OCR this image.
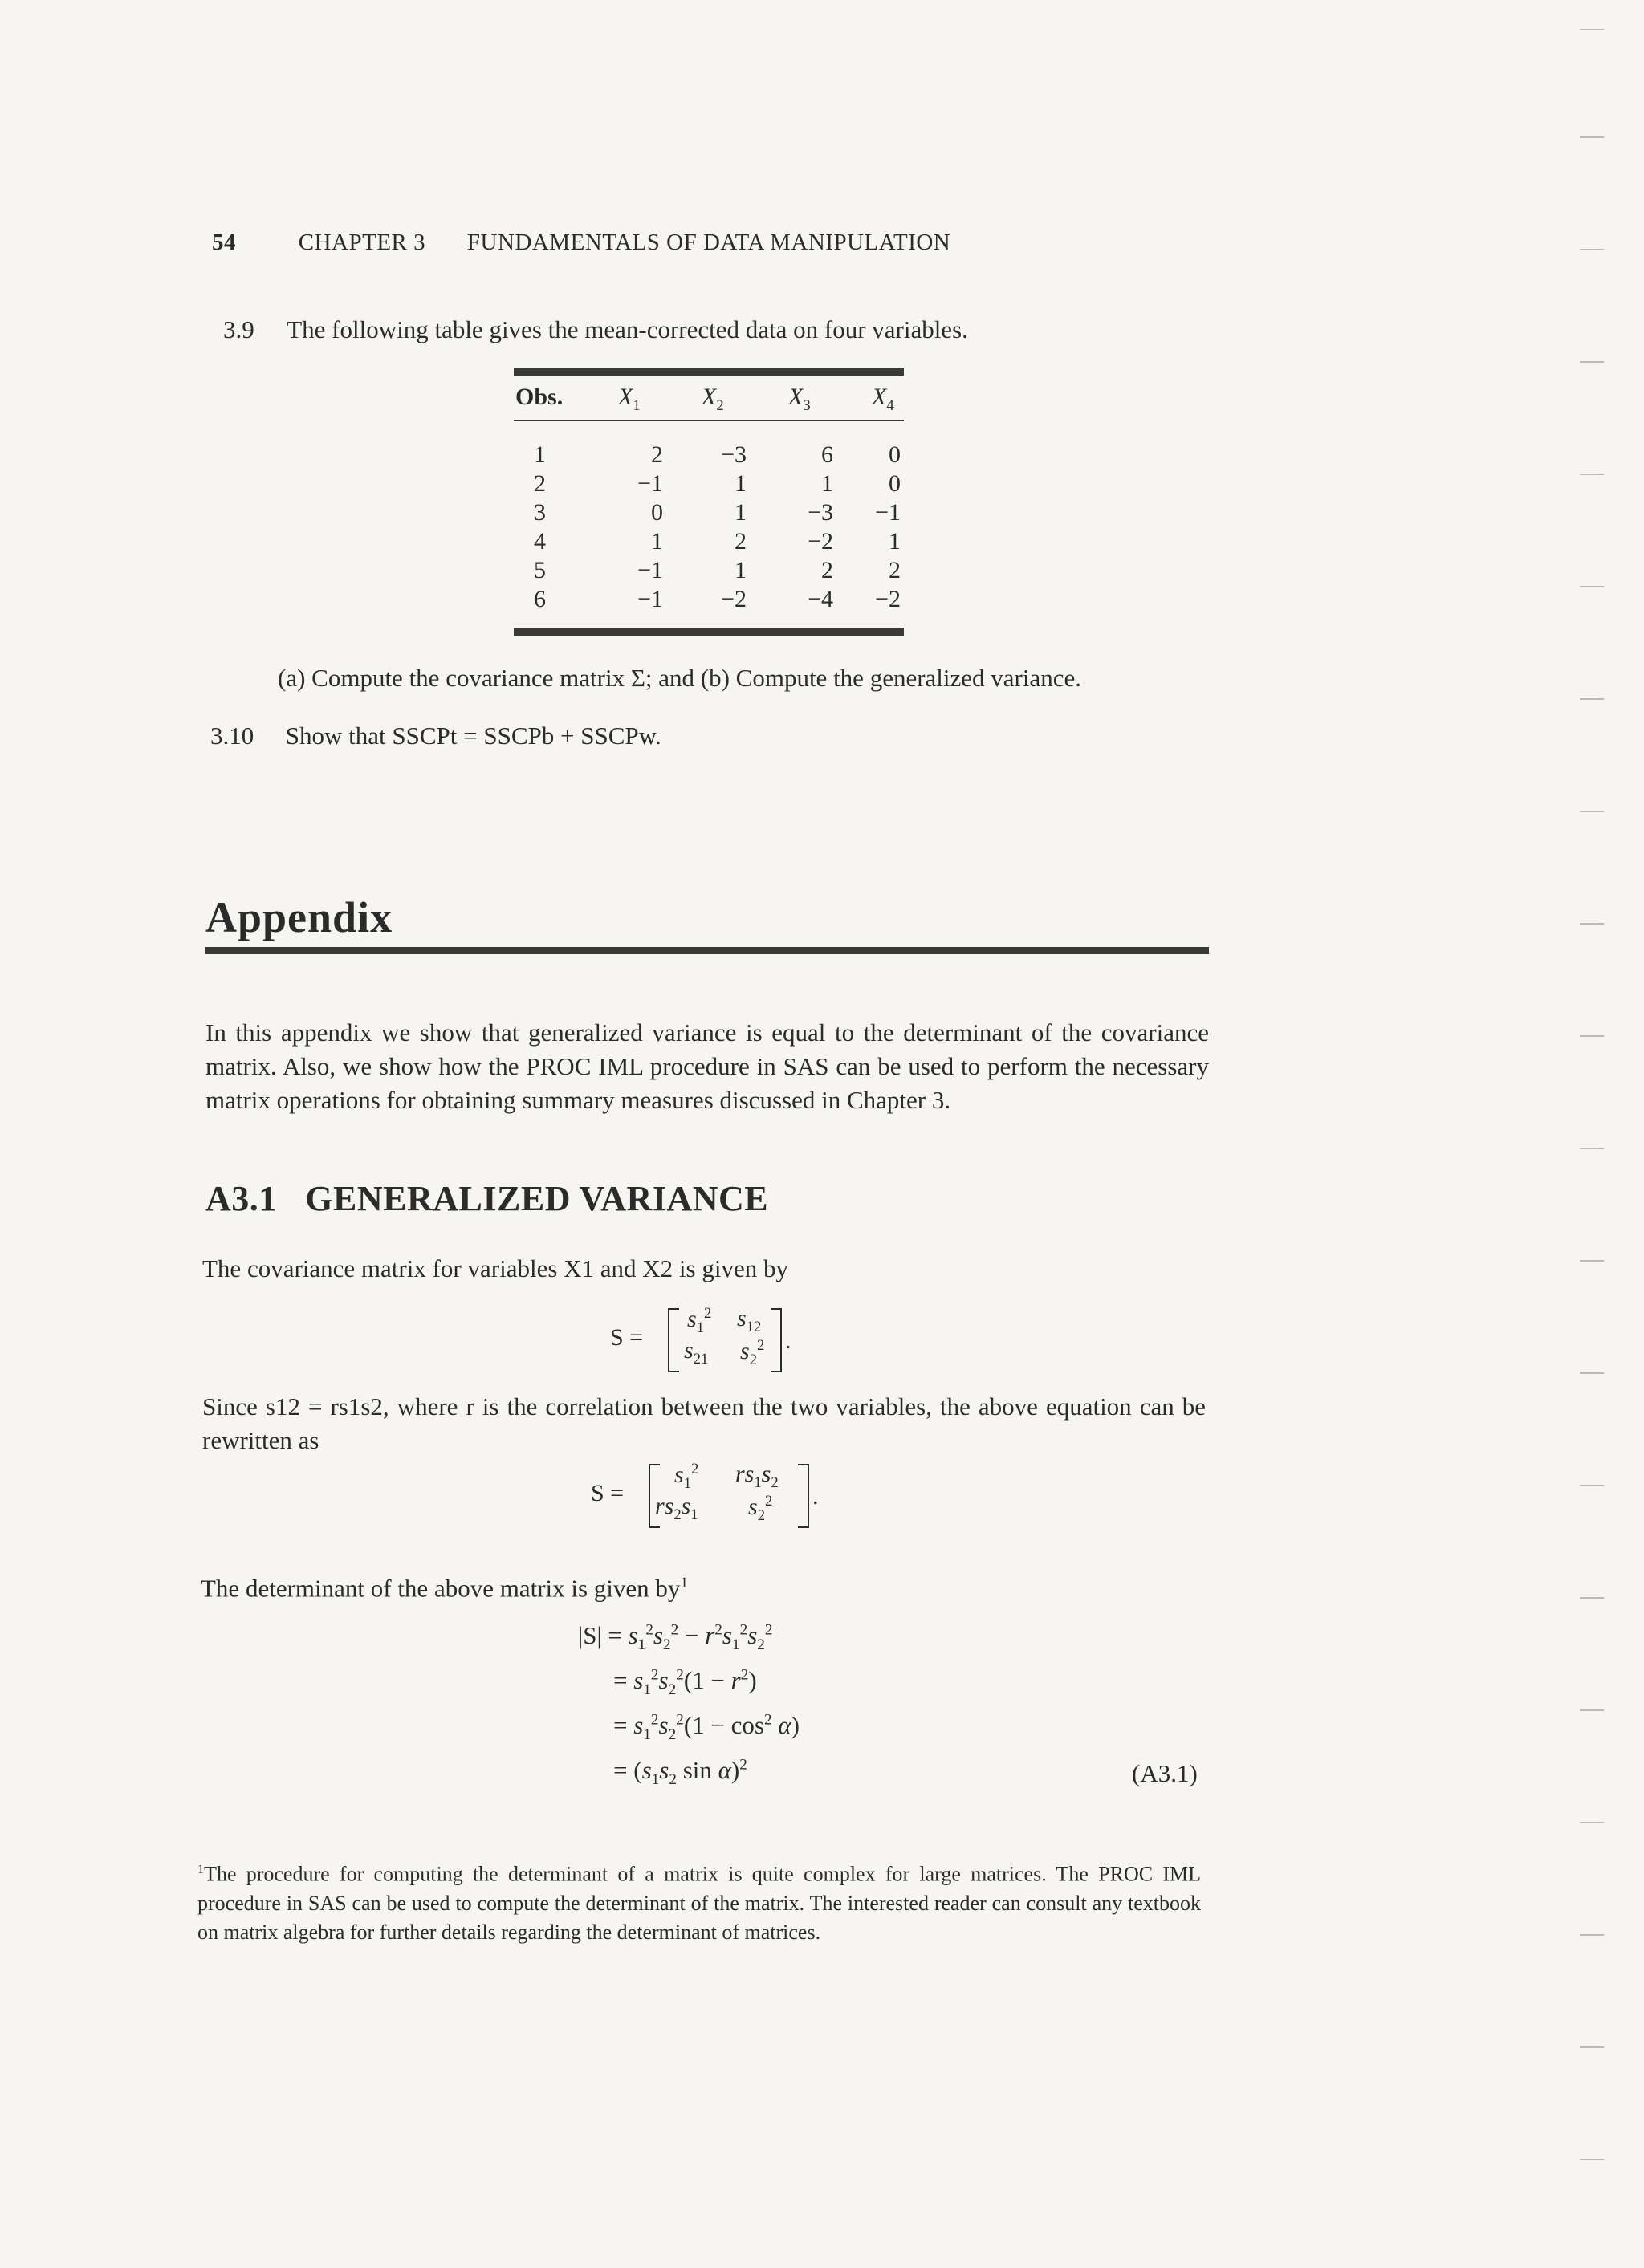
54	CHAPTER 3 FUNDAMENTALS OF DATA MANIPULATION
3.9 The following table gives the mean-corrected data on four variables.
Obs. $X_1$	$X_2$	$X_3$	$X_4$
1	2	−3	6	0
2	−1	1	1	0
3	0	1	−3	−1
4	1	2	−2	1
5	−1	1	2	2
6	−1	−2	−4	−2
(a) Compute the covariance matrix Σ; and (b) Compute the generalized variance.
3.10 Show that SSCPt = SSCPb + SSCPw.
Appendix
In this appendix we show that generalized variance is equal to the determinant of the covariance matrix. Also, we show how the PROC IML procedure in SAS can be used to perform the necessary matrix operations for obtaining summary measures discussed in Chapter 3.
A3.1 GENERALIZED VARIANCE
The covariance matrix for variables X1 and X2 is given by
S =
$s_1^2$ $s_{12}$
$s_{21}$ $s_2^2$ .
Since s12 = rs1s2, where r is the correlation between the two variables, the above equation can be rewritten as
S =
$s_1^2$ $rs_1s_2$
$rs_2s_1$ $s_2^2$ .
The determinant of the above matrix is given $by^1$
$|S| = s_1^2s_2^2 - r^2s_1^2s_2^2$
= $s_1^2s_2^2(1 - r^2)$
= $s_1^2s_2^2(1 - \cos^2 \alpha)$
= ($s_1s_2$ sin α)$^2$	(A3.1)
$^1$The procedure for computing the determinant of a matrix is quite complex for large matrices. The PROC IML procedure in SAS can be used to compute the determinant of the matrix. The interested reader can consult any textbook on matrix algebra for further details regarding the determinant of matrices.
